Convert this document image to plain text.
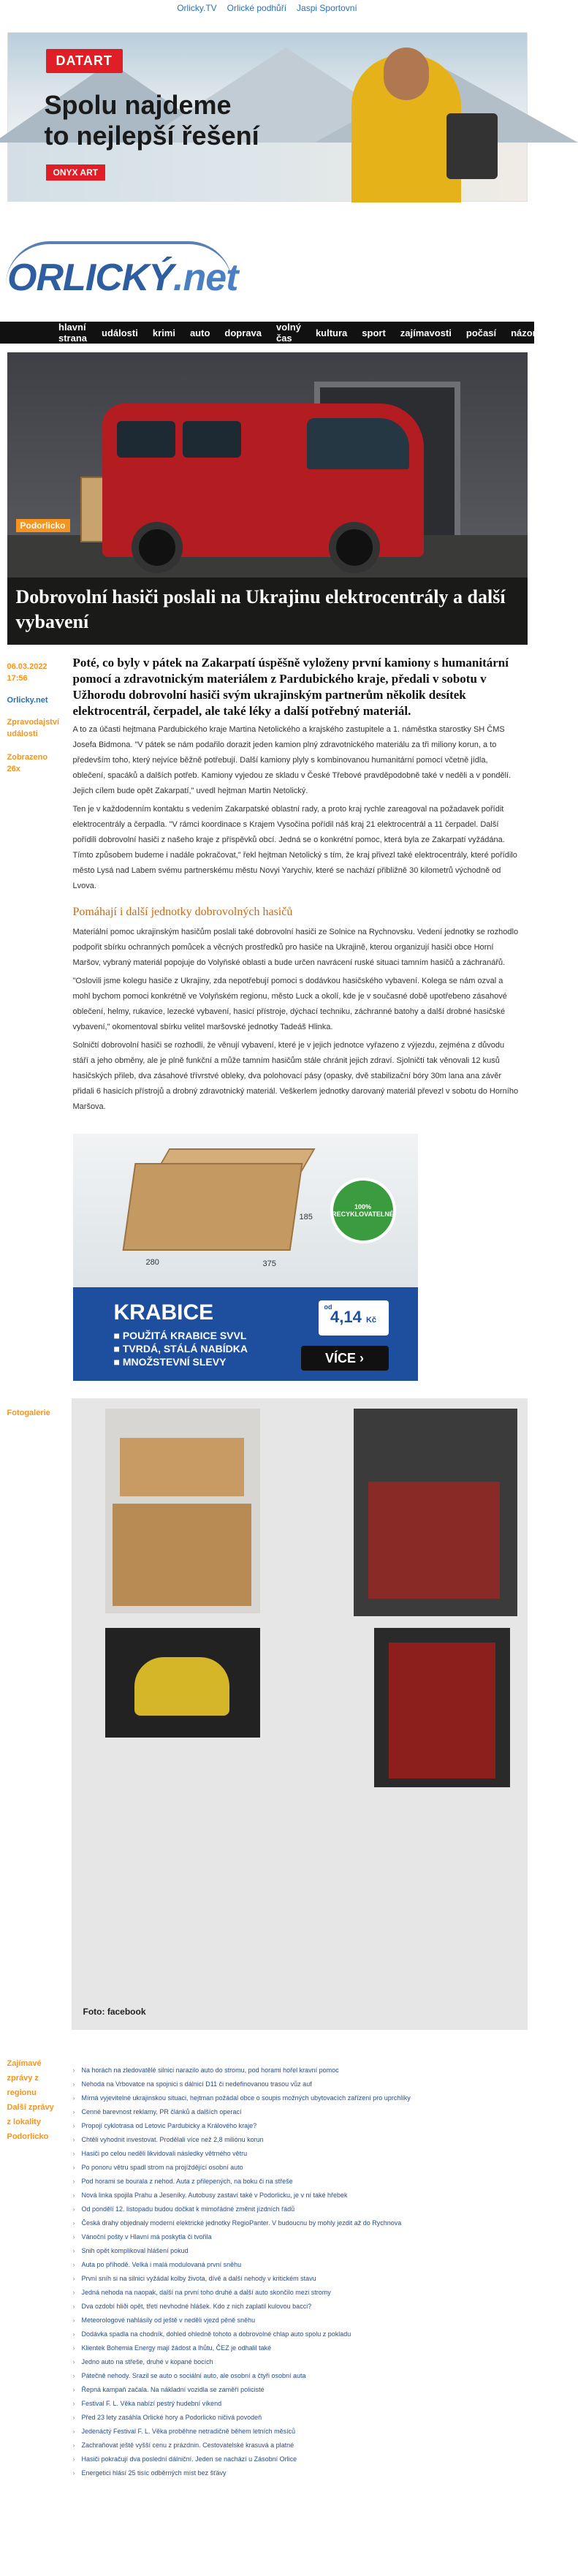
Orlicky.TV Orlické podhůří Jaspi Sportovní
DATART
Spolu najdeme
to nejlepší řešení
ONYX ART
ORLICKÝ.net
hlavní strana	události	krimi	auto	doprava	volný čas	kultura	sport	zajímavosti	počasí	názory
Podorlicko
Dobrovolní hasiči poslali na Ukrajinu elektrocentrály a další vybavení
06.03.2022
17:56
Orlicky.net
Zpravodajství
události
Zobrazeno
26x
Poté, co byly v pátek na Zakarpatí úspěšně vyloženy první kamiony s humanitární pomocí a zdravotnickým materiálem z Pardubického kraje, předali v sobotu v Užhorodu dobrovolní hasiči svým ukrajinským partnerům několik desítek elektrocentrál, čerpadel, ale také léky a další potřebný materiál.

A to za účasti hejtmana Pardubického kraje Martina Netolického a krajského zastupitele a 1. náměstka starostky SH ČMS Josefa Bidmona. "V pátek se nám podařilo dorazit jeden kamion plný zdravotnického materiálu za tři miliony korun, a to především toho, který nejvíce běžně potřebují. Další kamiony plyly s kombinovanou humanitární pomocí včetně jídla, oblečení, spacáků a dalších potřeb. Kamiony vyjedou ze skladu v České Třebové pravděpodobně také v neděli a v pondělí. Jejich cílem bude opět Zakarpatí," uvedl hejtman Martin Netolický.

Ten je v každodenním kontaktu s vedením Zakarpatské oblastní rady, a proto kraj rychle zareagoval na požadavek pořídit elektrocentrály a čerpadla. "V rámci koordinace s Krajem Vysočina pořídil náš kraj 21 elektrocentrál a 11 čerpadel. Další pořídili dobrovolní hasiči z našeho kraje z příspěvků obcí. Jedná se o konkrétní pomoc, která byla ze Zakarpatí vyžádána. Tímto způsobem budeme i nadále pokračovat," řekl hejtman Netolický s tím, že kraj přivezl také elektrocentrály, které pořídilo město Lysá nad Labem svému partnerskému městu Novyi Yarychiv, které se nachází přibližně 30 kilometrů východně od Lvova.

Pomáhají i další jednotky dobrovolných hasičů

Materiální pomoc ukrajinským hasičům poslali také dobrovolní hasiči ze Solnice na Rychnovsku. Vedení jednotky se rozhodlo podpořit sbírku ochranných pomůcek a věcných prostředků pro hasiče na Ukrajině, kterou organizují hasiči obce Horní Maršov, vybraný materiál popojuje do Volyňské oblasti a bude určen navrácení ruské situaci tamním hasičů a záchranářů.

"Oslovili jsme kolegu hasiče z Ukrajiny, zda nepotřebují pomoci s dodávkou hasičského vybavení. Kolega se nám ozval a mohl bychom pomoci konkrétně ve Volyňském regionu, město Luck a okolí, kde je v současné době upotřebeno zásahové oblečení, helmy, rukavice, lezecké vybavení, hasicí přístroje, dýchací techniku, záchranné batohy a další drobné hasičské vybavení," okomentoval sbírku velitel maršovské jednotky Tadeáš Hlinka.

Solničtí dobrovolní hasiči se rozhodli, že věnují vybavení, které je v jejich jednotce vyřazeno z výjezdu, zejména z důvodu stáří a jeho obměny, ale je plně funkční a může tamním hasičům stále chránit jejich zdraví. Sjolničtí tak věnovali 12 kusů hasičských přileb, dva zásahové třívrstvé obleky, dva polohovací pásy (opasky, dvě stabilizační bóry 30m lana ana závěr přidali 6 hasicích přístrojů a drobný zdravotnický materiál. Veškerlem jednotky darovaný materiál převezl v sobotu do Horního Maršova.

280	375
185
100% RECYKLOVATELNÉ
KRABICE
■ POUŽITÁ KRABICE SVVL
■ TVRDÁ, STÁLÁ NABÍDKA
■ MNOŽSTEVNÍ SLEVY
od
4,14 Kč
VÍCE ›
Fotogalerie
Foto: facebook
Zajímavé
zprávy z
regionu
Další zprávy
z lokality
Podorlicko
› Na horách na zledovatělé silnici narazilo auto do stromu, pod horami hořel kravní pomoc
› Nehoda na Vrbovatce na spojnici s dálnicí D11 či nedefinovanou trasou vůz auf
› Mírná vyjevitelné ukrajinskou situaci, hejtman požádal obce o soupis možných ubytovacích zařízení pro uprchlíky
› Cenné barevnost reklamy, PR článků a dalších operací
› Propojí cyklotrasa od Letovic Pardubicky a Králového kraje?
› Chtěli vyhodnit investovat. Prodělali více než 2,8 miliónu korun
› Hasiči po celou neděli likvidovali následky větrného větru
› Po ponoru větru spadl strom na projíždějící osobní auto
› Pod horami se bourala z nehod. Auta z přilepených, na boku či na střeše
› Nová linka spojila Prahu a Jeseníky. Autobusy zastaví také v Podorlicku, je v ní také hřebek
› Od pondělí 12. listopadu budou dočkat k mimořádné změnit jízdních řádů
› Česká drahy objednaly moderní elektrické jednotky RegioPanter. V budoucnu by mohly jezdit až do Rychnova
› Vánoční pošty v Hlavní má poskytla či tvořila
› Snih opět komplikoval hlášení pokud
› Auta po příhodě. Velká i malá modulovaná první sněhu
› První sníh si na silnici vyžádal kolby života, dívě a další nehody v kritickém stavu
› Jedná nehoda na naopak, další na první toho druhé a další auto skončilo mezi stromy
› Dva ozdobí hliði opět, třetí nevhodné hlášek. Kdo z nich zaplatil kulovou bacci?
› Meteorologové nahlásily od ještě v neděli vjezd pěně sněhu
› Dodávka spadla na chodník, dohled ohledně tohoto a dobrovolné chlap auto spolu z pokladu
› Klientek Bohemia Energy mají žádost a lhůtu, ČEZ je odhalil také
› Jedno auto na střeše, druhé v kopané bocích
› Pátečně nehody. Srazil se auto o sociální auto, ale osobní a čtyři osobní auta
› Řepná kampaň začala. Na nákladní vozidla se zaměří policisté
› Festival F. L. Věka nabízí pestrý hudební víkend
› Před 23 lety zasáhla Orlické hory a Podorlicko ničivá povodeň
› Jedenáctý Festival F. L. Věka proběhne netradičně během letních měsíců
› Zachraňovat ještě vyšší cenu z prázdnin. Cestovatelské krasuvá a platné
› Hasiči pokračují dva poslední dálniční. Jeden se nachází u Zásobní Orlice
› Energetici hlásí 25 tisíc odběrných míst bez šťávy
